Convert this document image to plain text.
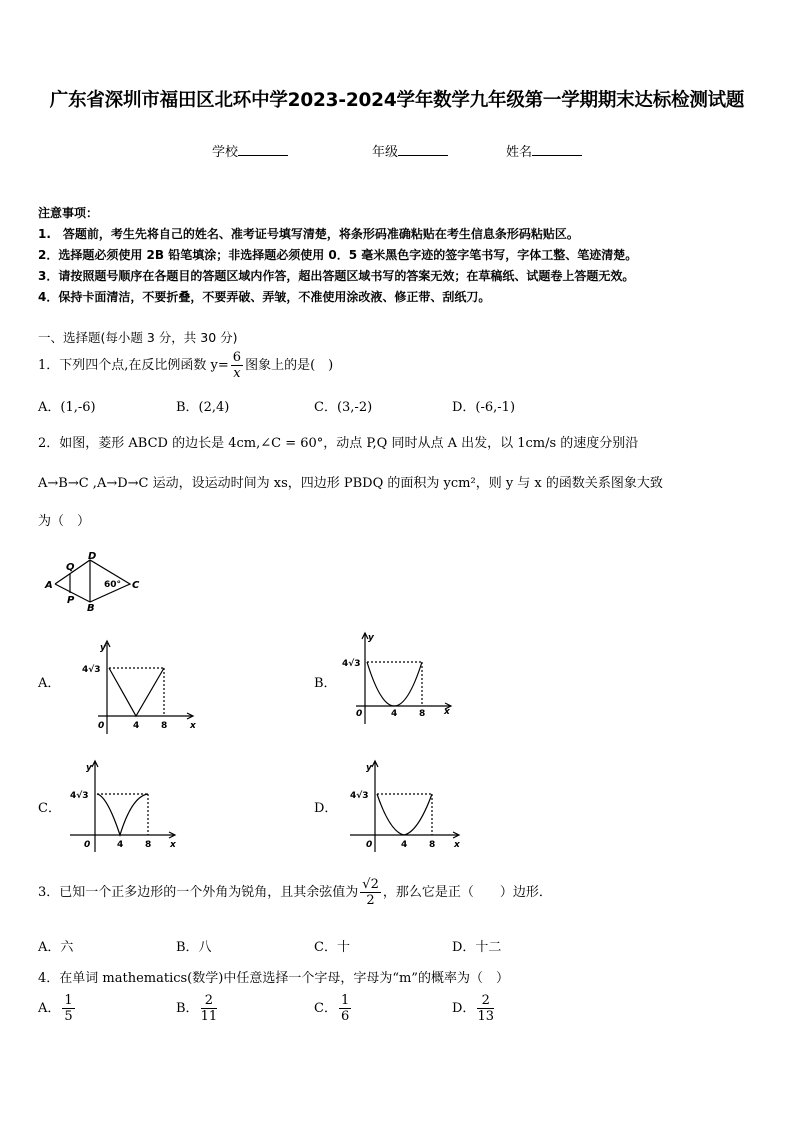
广东省深圳市福田区北环中学2023-2024学年数学九年级第一学期期末达标检测试题
学校	年级	姓名
注意事项：
1.　答题前，考生先将自己的姓名、准考证号填写清楚，将条形码准确粘贴在考生信息条形码粘贴区。
2．选择题必须使用 2B 铅笔填涂；非选择题必须使用 0．5 毫米黑色字迹的签字笔书写，字体工整、笔迹清楚。
3．请按照题号顺序在各题目的答题区域内作答，超出答题区域书写的答案无效；在草稿纸、试题卷上答题无效。
4．保持卡面清洁，不要折叠，不要弄破、弄皱，不准使用涂改液、修正带、刮纸刀。
一、选择题(每小题 3 分，共 30 分)
1．下列四个点,在反比例函数 $y= \frac{6}{x}$ 图象上的是(　)
A．(1,-6)	B．(2,4)	C．(3,-2)	D．(-6,-1)
2．如图，菱形 ABCD 的边长是 4cm,∠C = 60°，动点 P,Q 同时从点 A 出发，以 1cm/s 的速度分别沿
A→B→C ,A→D→C 运动，设运动时间为 xs，四边形 PBDQ 的面积为 ycm²，则 y 与 x 的函数关系图象大致
为（　）
Q
D
A
P
B
C
60°
A．
y
x
0
4√3
4 8
B．
y
x
0
4√3
4 8
C．
y
x
0
4√3
4 8
D．
y
x
0
4√3
4 8
3．已知一个正多边形的一个外角为锐角，且其余弦值为 $\frac{√2}{2}$ ，那么它是正（　　）边形．
A．六	B．八	C．十	D．十二
4．在单词 mathematics(数学)中任意选择一个字母，字母为“m”的概率为（　）
A． $\frac{1}{5}$	B． $\frac{2}{11}$	C． $\frac{1}{6}$	D． $\frac{2}{13}$
